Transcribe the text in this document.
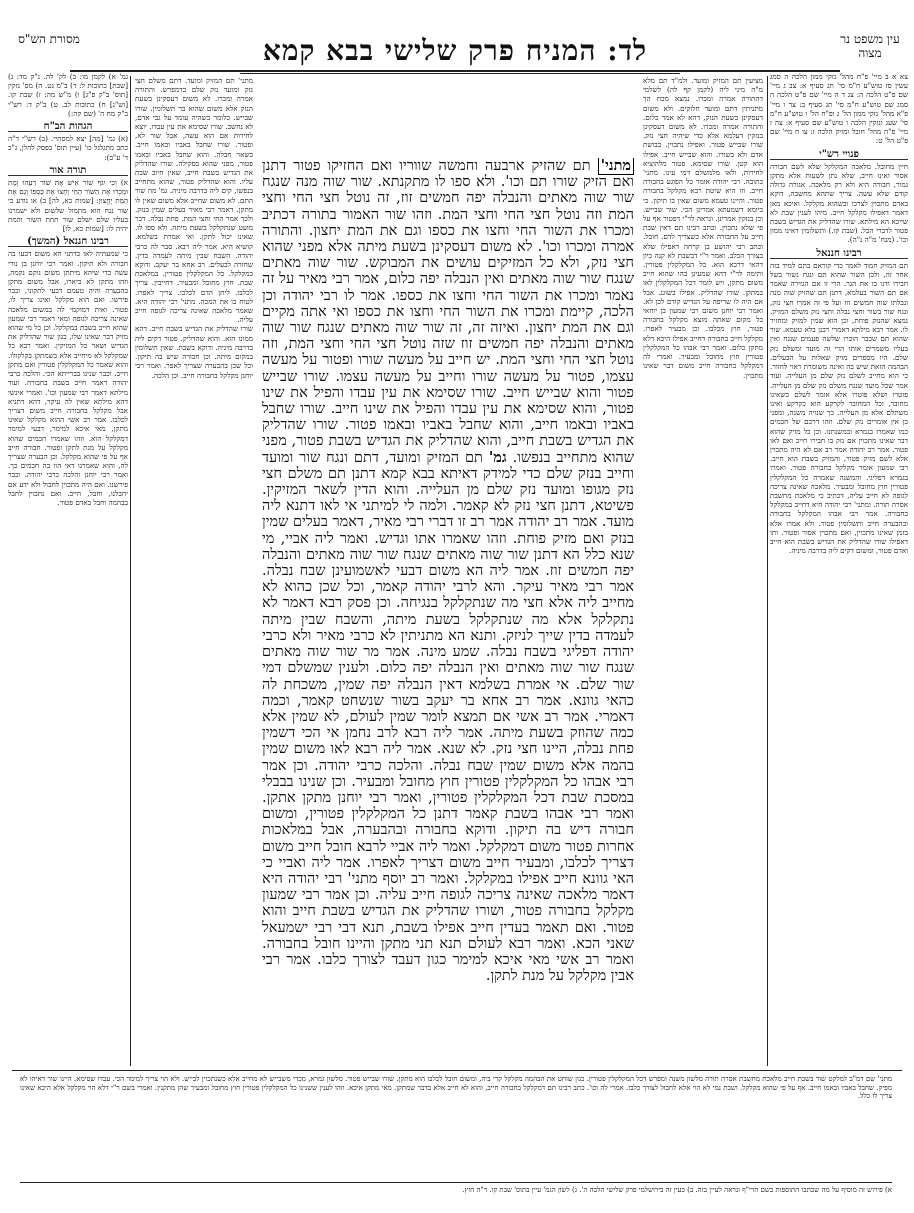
מסורת הש"ס	לד: המניח פרק שלישי בבא קמא	עין משפט נר מצוה

צא א ב מיי' פ"ח מהל' נזקי ממון הלכה ה סמג עשין סז טוש"ע ח"מ סי' תג סעיף א: צב ג מיי' שם פ"ט הלכה ה: צג ד ה מיי' שם פ"ט הלכה ה סמג שם טוש"ע ח"מ סי' תג סעיף ב: צד ו מיי' פ"א מהל' נזקי ממון הל' ג ופ"ח הל' ו טוש"ע ח"מ סי' שעג ונזקין הלכה ו טוש"ע שם סעיף א: צה ז מיי' פ"ה מהל' חובל ומזיק הלכה ז: צו ח מיי' שם פ"ט הל' ט:

פנויי רש"י

חיין מחובל. מלאכה המקלקל שלא לשם חבורה אסור ואינו חייב, שלא נתן לשעות אלא מתקן גמור, חבורה היא ולא רק מלאכה. אגורה גדולה קודם שלא עשה. צריך שתהא מחשבה, דוקא באדם מתכוין לצרכו וכשהוא מקלקל. ואיכא מאן דאמר דאפילו מקלקל חייב. מיהו לענין שבת לא שייכא הא מילתא. שורו שהדליק את הגדיש בשבת פטור לדברי הכל. (שבת קו.) ותשלומין דאינו ממון וכו'. (מנח' מ"ה נ"ה).

רבינו חננאל

תם המזיק חמוד לאמר כדי קוראם בתם למיד בזה אחר זה, ולכן השור שהוא תם ונגח נשור בשל חבירו ודנו בו את הגר. הרי זו אם הגזירה שאמר אם תם השור בעלמא, דתנן תם שהזיק שוה מנה ונבלתו שוה חמשים זוז ועל פי זה אמרו חצי נזק, ונגח שור בשור וחצי נבלה וחצי נזק משלם המזיק. נמצא שהנזק פוחת, וכן הוא שמין למזיק ומחזיר לו. אמר רבא מילתא דאמרי רבנן בלא טעמא. שור שהוא תם שכבר הוכרו שלשה פעמים שנגח ואין בעליו משמרים אותו הרי זה מועד ומשלם נזק שלם. היו מספרים מזיק שאלות על הבעלים. הבהמה הזאת שיש בה ואינה משומרת ראוי לחזור. כי הוא מחייב לשלם נזק שלם מן העלייה. ועוד אמר שכל מועד שנגח משלם נזק שלם מן העלייה. פוטרו ושלא פוטרו אלא אומר לשלם כשאינו מחובר, וכל המחובר לקרקע הוא כקרקע ואינו משתלם אלא מן העלייה. כך שנויה משנה, ומפני כן אין אומרים נזק שלם. וזהו דרכם של חכמים כמו שאמרו בגמרא ובמשנתנו. וכן כל מזיק שהוא דבר שאינו מתכוין אם נזק בו חבירו חייב ואם לאו פטור. אמר רב יהודה אמר רב אם לא היה מתכוין אלא לשם מזיק פטור, והמזיק בשבת הוא חייב. רבי שמעון אומר מקלקל בחבורה פטור. ואמרו בגמרא דפליגי. והמשנה שאמרה כל המקלקלין פטורין חוץ מחובל ומבעיר. מלאכה שאינה צריכה לגופה לא חייב עליה, דכתיב כי מלאכת מחשבת אסרה תורה. ומתני' רבי יהודה היא דחייב במקלקל בחבורה. אמר רבי אבהו המקלקל בחבורה ובהבערה חייב ותשלומין פטור. ולא אמרו אלא בזמן שאינו מתכוין, ואם מתכוין אסור ופטור. ותו דאפילו שורו שהדליק את הגדיש בשבת הוא חייב ואדם פטור, ומשום דקים ליה בדרבה מיניה.

גמ' א) לקמן מו: ב) לק' לה. נ"ק מד: ג) [שבת] כתובות ל: ד) ב"מ נט. ה) מס' נזקין [תוס' ב"ק פ"ג] ו) מ"ש מה: ז) שבת קו. [וש"נ] ח) כתובות לב. ט) ב"ק ד: רש"י ב"ק מח ה' (שם קה:)

הגהות הב"ח

(א) גמ' [מה] יצא למסתיי. (ב) רש"י ד"ה כתב מתגלגל כו' (עיין תוס' בפסק להלן, ג"כ ד' ע"ב):

תורה אור

א) וְכִי יִגֹּף שׁוֹר אִישׁ אֶת שׁוֹר רֵעֵהוּ וָמֵת וּמָכְרוּ אֶת הַשּׁוֹר הַחַי וְחָצוּ אֶת כַּסְפּוֹ וְגַם אֶת הַמֵּת יֶחֱצוּן: [שמות כא, לה] ב) או נודע כי שור נגח הוא מתמול שלשום ולא ישמרנו בעליו שלם ישלם שור תחת השור והמת יהיה לו: [שמות כא, לו]

רבינו חננאל (המשך)

כי שמעתיה לאו כדתני הא משום דבעו בה חבורה ולא תיקון. ואמר רבי יוחנן בן נורי עשה כדי שיהא מיתתן משום נוקם נקמה, וזהו מתקן לא ביארו, אבל משום מתקן בהבערה והיה טעמם דבעי לתקוני, וכבר פירשו. ואם הוא מקלקל ואינו צריך לו, פטור. ואית דמוקמי לה במשום מלאכה שאינה צריכה לגופה ומאי דאמר רבי שמעון שהוא חייב בשבת במקלקל. וכן כל מי שהוא מזיק דבר שאינו שלו, כגון שור שהדליק את הגדיש ושאר כל המזיקין. ואמר רבא כל שמקלקל לא מיחייב אלא כשמתקן בקלקולו. והוא שאמר כל המקלקלין פטורין ואם מתקן חייב. וכבר שנינו בברייתא הכי. והלכה כרבי יהודה דאמר חייב בשבת בחבורה. ועוד מילתא דאמר רבי שמעון וכו'. ואמרי אינשי דהא מילתא שאין לה עיקר, דהא דתניא אבל מקלקל בחבורה חייב משום דצריך לכלבו. אמר רב אשי ההוא מקלקל שאינו מתקן, מאי איכא למימר, דבעי למימר דמקלקל הוא. וזהו שאמרו חכמים שהוא מקלקל על מנת לתקן ופטור. חבורה חייב אף על פי שהוא מקלקל. וכן הבערה שצריך לה, והוא שאמרנו דאי הוו בה חכמים כך. ואמר רבי יוחנן והלכה כרבי יהודה. וכבר פירשנו. ואם היה מתכוין לחבול ולא ידע אם יחבלנו, וחבל, חייב. ואם נתכוין לחבל בבהמה וחבל באדם פטור.

מציעין תם המזיק ומועד. ולמ"ד תם מלא מ"ה מיני ליה (לקמן קף לה) לשלמי דהתורה אמרה ומכרו. נמצא מכח הך מתניתין דתם ומועד חלוקים. ולא משום דעסקינן בשעת הנזק, דהא לא אמר כלום. והתורה אמרה ומכרו. לא משום דעסקינן בנזקין דעלמא אלא כדי שיהיה חצי נזק. שורו שבייש פטור. ואפילו נתכוין. בבושת אדם ולא בשורו. והוא שבייש חייב. אפילו הוא קטן. שורו שסימא. פטור מלהוציא לחירות, ולאו מלמשלם דמי עינו. מתני' כתובה. רבי יהודה אומר כל הפוגע בחבורה חייב. וזו היא שיטת רבא מקלקל בחבורה פטור. והיינו טעמא משום שאין בו תיקון. כי ביומא דשמעתא אמרינן הכי. שור שבייש. וכן בנזקין אמרינן. ונראה לר"י דפטור אף על פי שלא נתכוין. וכתב רבינו תם דאין שבת חייב על החבורה אלא כשצריך לדם. חובל. וכתב רבי יהושע בן קרחה דאפילו שלא בצורך הכלב. ואמר ר"י דבשבת לא קנה כיון דהאי דרכא הוא. כל המקלקלין פטורין. ותימה לר"י דהא שמעינן בהו שהוא חייב משום מתקן, ויש לומר דכל המקלקלין לאו במתקן. שורו שהדליק. אפילו בשוגג. אבל אם היה לו שריפה על הגדיש קודם לכן לא. ואמר רבי יוחנן משום רבי שמעון בן יוחאי כל מקום שאתה מוצא מקלקל בחבורה פטור, חוץ מכלבו. וכן מבעיר לאפרו. מקלקל חייב בחבורה דחייב אפילו היכא דלא מתקן כלום. ואמר רבי אבהו כל המקלקלין פטורין חוץ מחובל ומבעיר. ואמרי לה דמקלקל בחבורה חייב משום דבר שאינו מתכוין.

מתני' תם המזיק ומועד. דתם משלם חצי נזק ומועד נזק שלם כדמפרש. והתורה אמרה ומכרו. לא משום דעסקינן בשעת הנזק אלא משום שהוא בר תשלומין. שורו שבייש. כלומר כשהיה עומד על גבי אדם, לא נחשב. שורו שסימא את עין עבדו. יוצא לחירות אם הוא עשה, אבל שור לא, ופטור. שורו שחבל באביו ובאמו חייב. כשאר חבלה. והוא שחבל באביו ובאמו פטור, מפני שהוא בסקילה. שורו שהדליק את הגדיש בשבת חייב, שאין חיוב שבת עליו. והוא שהדליק פטור, שהוא מתחייב בנפשו, קים ליה בדרבה מיניה. גמ' מה שור התם. לא משום שחייב אלא משום שאין לו מתקן. דאמר רבי מאיר בעלים שמין בנזק. ולכך אמר החי וחצי המת. פחת נבלה. דבר מועט שנתקלקל בשעת מיתה. ולא ספו לו. שאינו יכול לתקן. ואי אמרת בשלמא. קושיא היא. אמר ליה רבא. סבר לה כרבי יהודה. השבח שבין מיתה לעמדה בדין. שחזרה לבעלים. רב אחא בר יעקב. ודוקא במקלקל. כל המקלקלין פטורין. במלאכת שבת. חוץ מחובל ומבעיר. דחייבין. צריך לכלבו. ליתן הדם לכלבו. צריך לאפרו. לטוח בו את המכה. מתני' רבי יהודה היא. שאמר מלאכה שאינה צריכה לגופה חייב עליה.

שורו שהדליק את הגדיש בשבת חייב. דהא ממונו הוא. והוא שהדליק. פטור דקים ליה בדרבה מיניה. ודוקא בשבת. שאין תשלומין במקום מיתה. וכן חבורה שיש בה תיקון. וכל שכן בהבערה שצריך לאפר. ואמר רבי יוחנן מקלקל בחבורה חייב. וכן הלכה.

מתני' תם שהזיק ארבעה וחמשה שווריו ואם החזיקו פטור דתנן ואם הזיק שורו תם וכו'. ולא ספו לו מתקנתא. שור שוה מנה שנגח שור שוה מאתים והנבלה יפה חמשים זוז, זה נוטל חצי החי וחצי המת וזה נוטל חצי החי וחצי המת. וזהו שור האמור בתורה דכתיב ומכרו את השור החי וחצו את כספו וגם את המת יחצון. והתורה אמרה ומכרו וכו'. לא משום דעסקינן בשעת מיתה אלא מפני שהוא חצי נזק, ולא כל המזיקים עושים את המבוקש. שור שוה מאתים שנגח שור שוה מאתים ואין הנבלה יפה כלום, אמר רבי מאיר על זה נאמר ומכרו את השור החי וחצו את כספו. אמר לו רבי יהודה וכן הלכה, קיימת ומכרו את השור החי וחצו את כספו ואי אתה מקיים וגם את המת יחצון. ואיזה זה, זה שור שוה מאתים שנגח שור שוה מאתים והנבלה יפה חמשים זוז שזה נוטל חצי החי וחצי המת, וזה נוטל חצי החי וחצי המת. יש חייב על מעשה שורו ופטור על מעשה עצמו, פטור על מעשה שורו וחייב על מעשה עצמו. שורו שבייש פטור והוא שבייש חייב. שורו שסימא את עין עבדו והפיל את שינו פטור, והוא שסימא את עין עבדו והפיל את שינו חייב. שורו שחבל באביו ובאמו חייב, והוא שחבל באביו ובאמו פטור. שורו שהדליק את הגדיש בשבת חייב, והוא שהדליק את הגדיש בשבת פטור, מפני שהוא מתחייב בנפשו. גמ' תם המזיק ומועד, דתם ונגח שור ומועד וחייב בנזק שלם כדי למידק דאיתא בבא קמא דתנן תם משלם חצי נזק מגופו ומועד נזק שלם מן העלייה. והוא הדין לשאר המזיקין. פשיטא, דתנן חצי נזק לא קאמר. ולמה לי למיתני אי לאו דתנא ליה מועד. אמר רב יהודה אמר רב זו דברי רבי מאיר, דאמר בעלים שמין בנזק ואם מזיק פוחת. וזהו שאמרו אתו וגדיש. ואמר ליה אביי, מי שנא כלל הא דתנן שור שוה מאתים שנגח שור שוה מאתים והנבלה יפה חמשים זוז. אמר ליה הא משום דבעי לאשמועינן שבח נבלה. אמר רבי מאיר עיקר. והא לרבי יהודה קאמר, וכל שכן כהוא לא מחייב ליה אלא חצי מה שנתקלקל בנגיחה. וכן פסק רבא דאמר לא נתקלקל אלא מה שנתקלקל בשעת מיתה, והשבח שבין מיתה לעמדה בדין שייך לניזק. ותנא הא מתניתין לא כרבי מאיר ולא כרבי יהודה דפליגי בשבח נבלה. שמע מינה. אמר מר שור שוה מאתים שנגח שור שוה מאתים ואין הנבלה יפה כלום. ולענין שמשלם דמי שור שלם. אי אמרת בשלמא דאין הנבלה יפה שמין, משכחת לה כהאי גוונא. אמר רב אחא בר יעקב בשור שנשחט קאמר, וכמה דאמרי. אמר רב אשי אם תמצא לומר שמין לעולם, לא שמין אלא כמה שהוזק בשעת מיתה. אמר ליה רבא לרב נחמן אי הכי דשמין פחת נבלה, היינו חצי נזק. לא שנא. אמר ליה רבא לאו משום שמין בהמה אלא משום שמין שבח נבלה. והלכה כרבי יהודה. וכן אמר רבי אבהו כל המקלקלין פטורין חוץ מחובל ומבעיר. וכן שנינו בבבלי במסכת שבת דכל המקלקלין פטורין, ואמר רבי יוחנן מתקן אתקן. ואמר רבי אבהו בשבת קאמר דתנן כל המקלקלין פטורין, ומשום חבורה דיש בה תיקון. ודוקא בחבורה ובהבערה, אבל במלאכות אחרות פטור משום דמקלקל. ואמר ליה אביי לרבא חובל חייב משום דצריך לכלבו, ומבעיר חייב משום דצריך לאפרו. אמר ליה ואביי כי האי גוונא חייב אפילו במקלקל. ואמר רב יוסף מתני' רבי יהודה היא דאמר מלאכה שאינה צריכה לגופה חייב עליה. וכן אמר רבי שמעון מקלקל בחבורה פטור, ושורו שהדליק את הגדיש בשבת חייב והוא פטור. ואם תאמר בעדין חייב אפילו בשבת, תנא דבי רבי ישמעאל שאני הכא. ואמר רבא לעולם תנא תני מתקן והיינו חובל בחבורה. ואמר רב אשי מאי איכא למימר כגון דעבד לצורך כלבו. אמר רבי אבין מקלקל על מנת לתקן.

מתני' שם דמ"ב למלקט שור בשבת חייב מלאכת מחשבת אסרה תורה מלשון משנה ומפרש דכל המקלקלין פטורין. כגון שוחט את הבהמה מקלקל קרי ביה, ומשום חובל לכלבו הוא מתקן. שורו שבייש פטור. מלשון גמרא, מכדי משבייש לא מחייב אלא כשנתכוין לבייש. ולא הוי צריך למימר הכי. עבדו שסימא. היינו שור דאיהו לא מפיק. שחבל באביו ובאמו חייב. אף על פי שהוא מקלקל. ושבת נמי לא הוי אלא לחבול לצורך כלבו. אמרי לה וכו'. כתב רבינו תם דמקלקל בחבורה חייב, והוא לא חייב אלא בדבר שמתקן. מאי מתקן איכא. וזהו לענין ששנינו כל המקלקלין פטורין חוץ מחובל ומבעיר שהן מתקנין. ואמרי בשם ר"י דלא הוי מקלקל אלא היכא שאינו צריך לו כלל.

א) פירוש זה מוסיף על מה שכתבו התוספות בשם הרי"ף ונראה לעיין בזה. ב) כעין זה בירושלמי פרק שלישי הלכה ה'. ג) לשון הגמ' עיין בתוס' שבת קו. ד"ה חוץ.
